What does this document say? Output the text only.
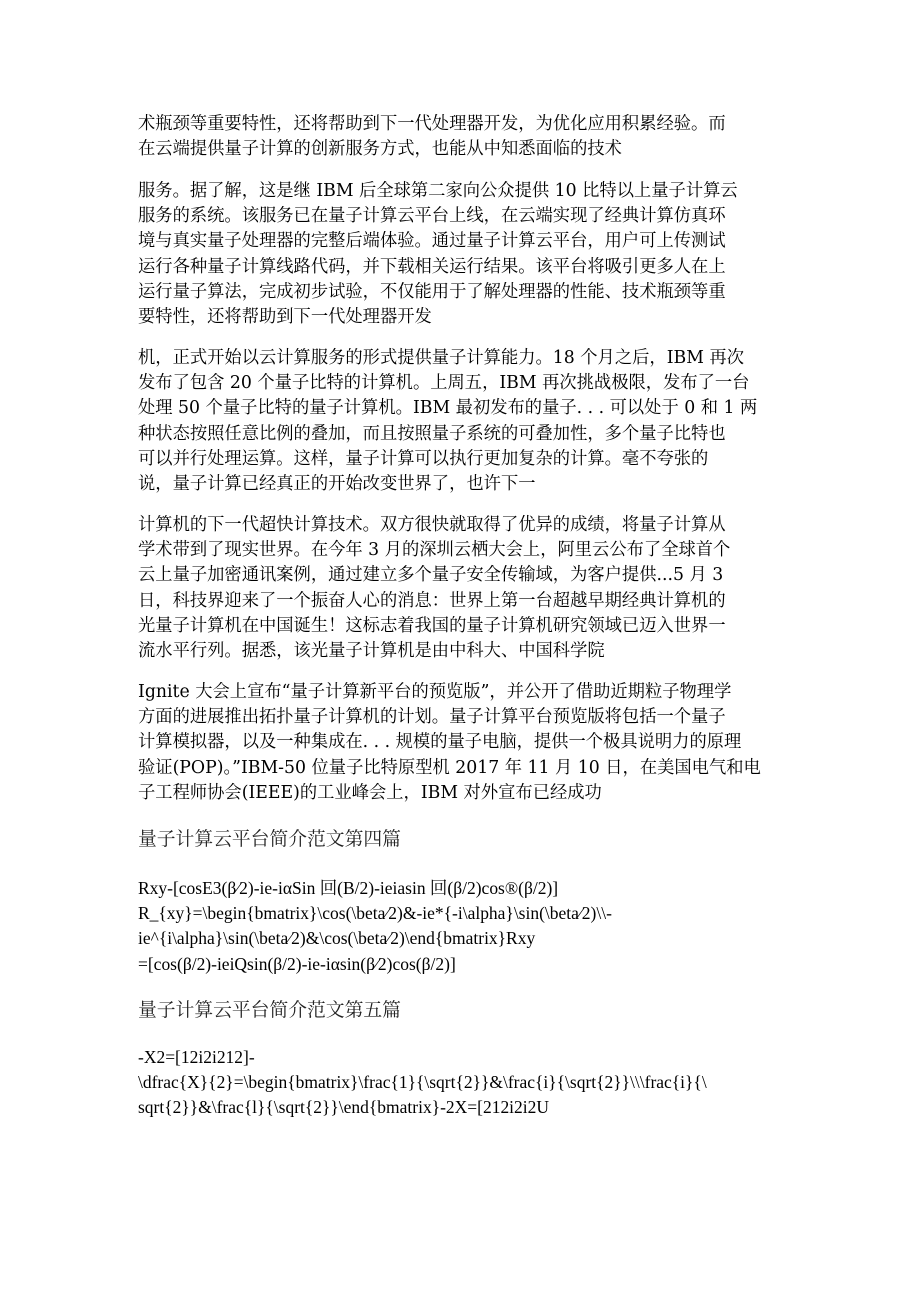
术瓶颈等重要特性，还将帮助到下一代处理器开发，为优化应用积累经验。而
在云端提供量子计算的创新服务方式，也能从中知悉面临的技术
服务。据了解，这是继 IBM 后全球第二家向公众提供 10 比特以上量子计算云
服务的系统。该服务已在量子计算云平台上线，在云端实现了经典计算仿真环
境与真实量子处理器的完整后端体验。通过量子计算云平台，用户可上传测试
运行各种量子计算线路代码，并下载相关运行结果。该平台将吸引更多人在上
运行量子算法，完成初步试验，不仅能用于了解处理器的性能、技术瓶颈等重
要特性，还将帮助到下一代处理器开发
机，正式开始以云计算服务的形式提供量子计算能力。18 个月之后，IBM 再次
发布了包含 20 个量子比特的计算机。上周五，IBM 再次挑战极限，发布了一台
处理 50 个量子比特的量子计算机。IBM 最初发布的量子. . . 可以处于 0 和 1 两
种状态按照任意比例的叠加，而且按照量子系统的可叠加性，多个量子比特也
可以并行处理运算。这样，量子计算可以执行更加复杂的计算。毫不夸张的
说，量子计算已经真正的开始改变世界了，也许下一
计算机的下一代超快计算技术。双方很快就取得了优异的成绩，将量子计算从
学术带到了现实世界。在今年 3 月的深圳云栖大会上，阿里云公布了全球首个
云上量子加密通讯案例，通过建立多个量子安全传输域，为客户提供...5 月 3
日，科技界迎来了一个振奋人心的消息：世界上第一台超越早期经典计算机的
光量子计算机在中国诞生！这标志着我国的量子计算机研究领域已迈入世界一
流水平行列。据悉，该光量子计算机是由中科大、中国科学院
Ignite 大会上宣布“量子计算新平台的预览版”，并公开了借助近期粒子物理学
方面的进展推出拓扑量子计算机的计划。量子计算平台预览版将包括一个量子
计算模拟器，以及一种集成在. . . 规模的量子电脑，提供一个极具说明力的原理
验证(POP)。”IBM-50 位量子比特原型机 2017 年 11 月 10 日，在美国电气和电
子工程师协会(IEEE)的工业峰会上，IBM 对外宣布已经成功
量子计算云平台简介范文第四篇
Rxy-[cosE3(β∕2)-ie-iαSin 回(B/2)-ieiasin 回(β/2)cos®(β/2)]
R_{xy}=\begin{bmatrix}\cos(\beta∕2)&-ie*{-i\alpha}\sin(\beta∕2)\\-
ie^{i\alpha}\sin(\beta∕2)&\cos(\beta∕2)\end{bmatrix}Rxy
=[cos(β/2)-ieiQsin(β/2)-ie-iαsin(β∕2)cos(β/2)]
量子计算云平台简介范文第五篇
-X2=[12i2i212]-
\dfrac{X}{2}=\begin{bmatrix}\frac{1}{\sqrt{2}}&\frac{i}{\sqrt{2}}\\\frac{i}{\
sqrt{2}}&\frac{l}{\sqrt{2}}\end{bmatrix}-2X=[212i2i2U
